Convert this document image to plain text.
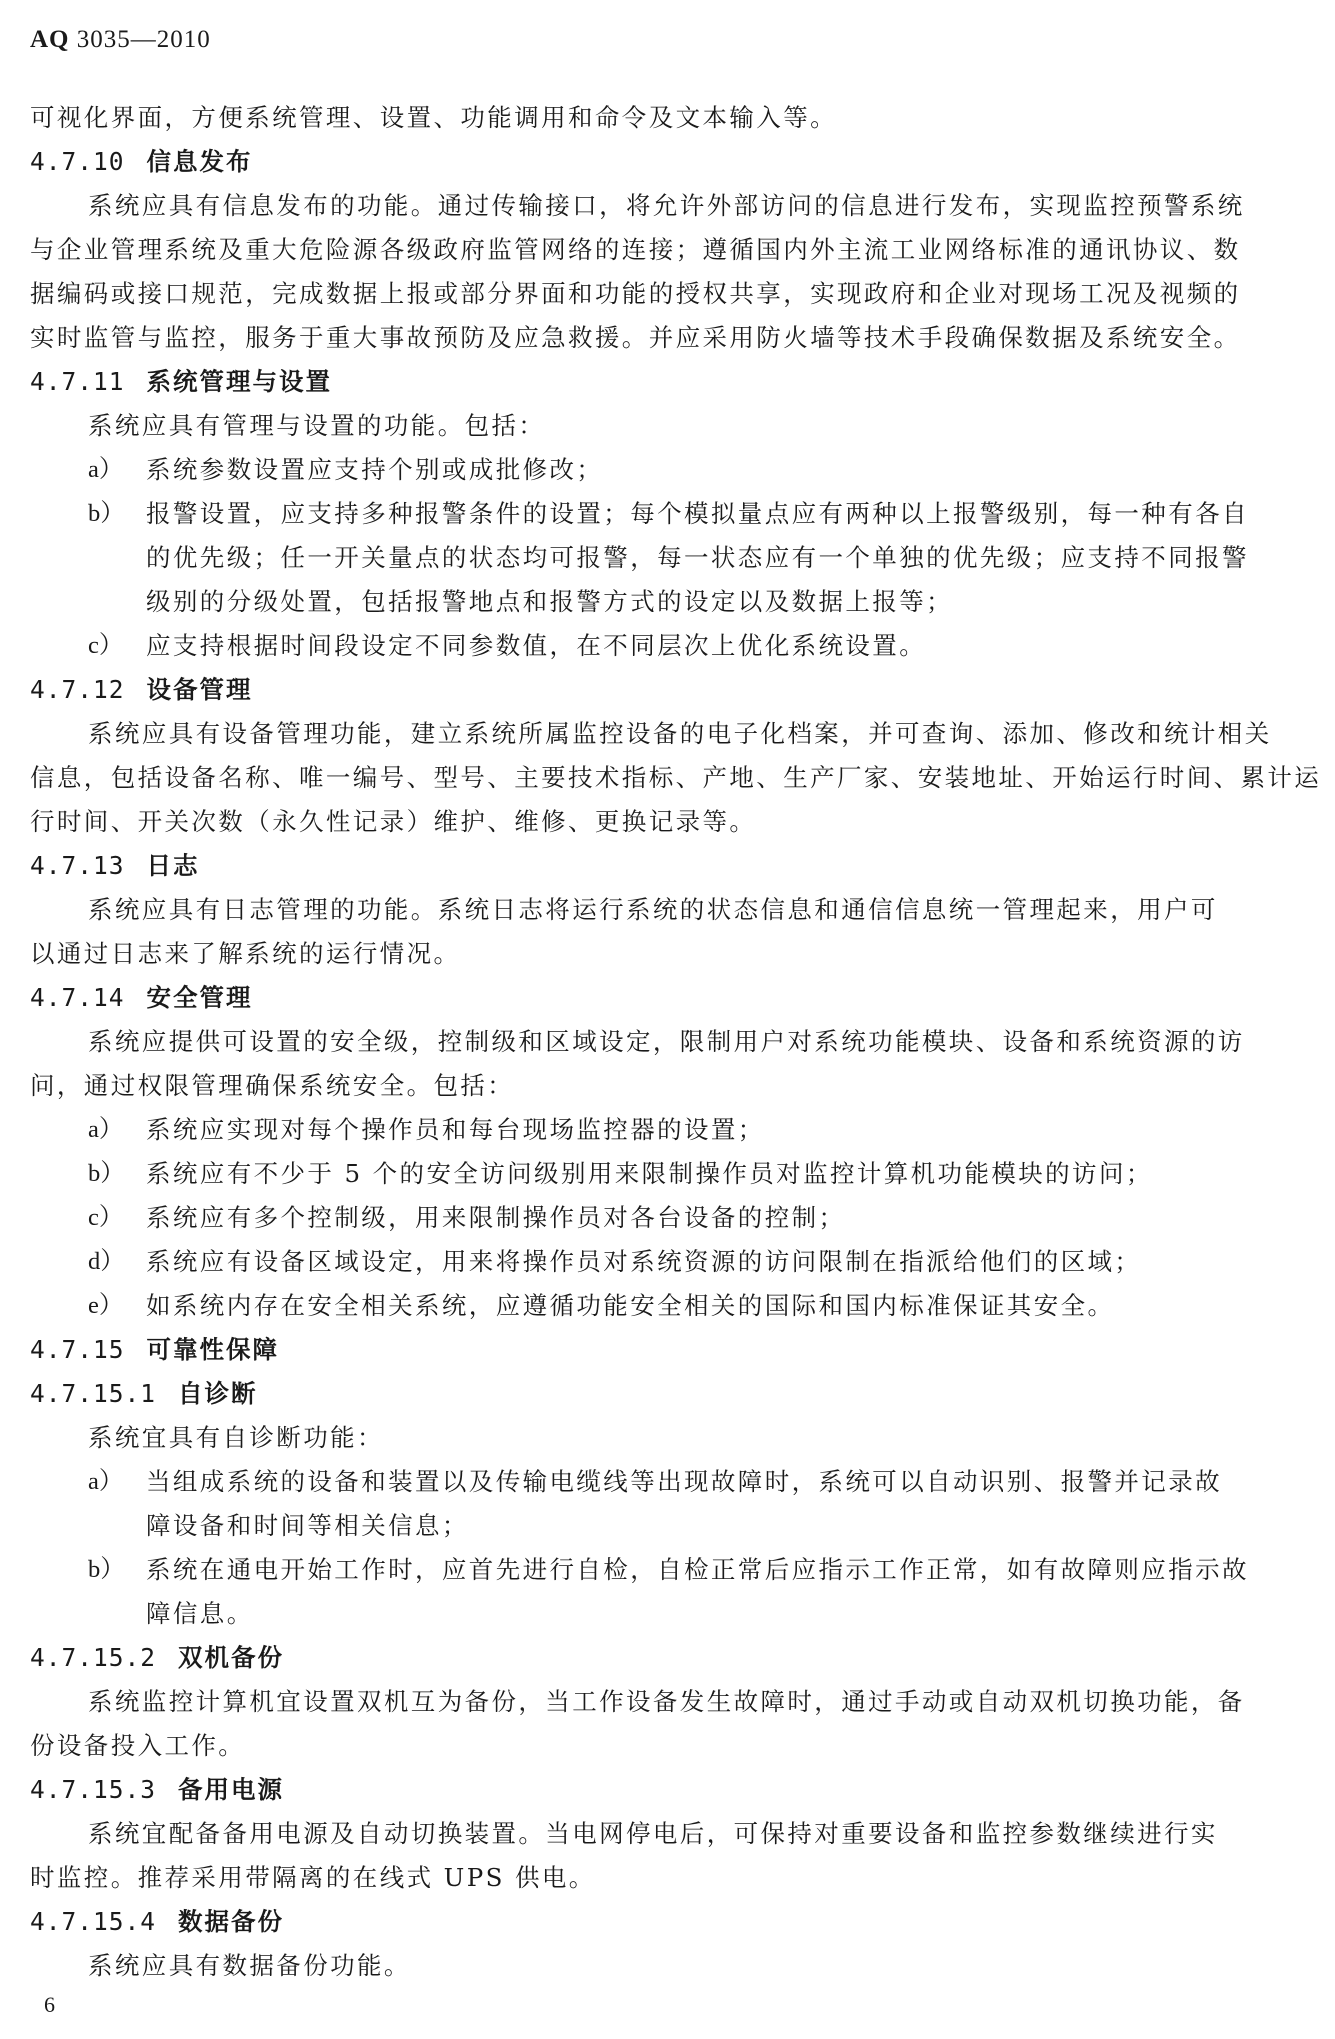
AQ 3035—2010
可视化界面，方便系统管理、设置、功能调用和命令及文本输入等。
4.7.10 信息发布
系统应具有信息发布的功能。通过传输接口，将允许外部访问的信息进行发布，实现监控预警系统
与企业管理系统及重大危险源各级政府监管网络的连接；遵循国内外主流工业网络标准的通讯协议、数
据编码或接口规范，完成数据上报或部分界面和功能的授权共享，实现政府和企业对现场工况及视频的
实时监管与监控，服务于重大事故预防及应急救援。并应采用防火墙等技术手段确保数据及系统安全。
4.7.11 系统管理与设置
系统应具有管理与设置的功能。包括：
a） 系统参数设置应支持个别或成批修改；
b） 报警设置，应支持多种报警条件的设置；每个模拟量点应有两种以上报警级别，每一种有各自
的优先级；任一开关量点的状态均可报警，每一状态应有一个单独的优先级；应支持不同报警
级别的分级处置，包括报警地点和报警方式的设定以及数据上报等；
c） 应支持根据时间段设定不同参数值，在不同层次上优化系统设置。
4.7.12 设备管理
系统应具有设备管理功能，建立系统所属监控设备的电子化档案，并可查询、添加、修改和统计相关
信息，包括设备名称、唯一编号、型号、主要技术指标、产地、生产厂家、安装地址、开始运行时间、累计运
行时间、开关次数（永久性记录）维护、维修、更换记录等。
4.7.13 日志
系统应具有日志管理的功能。系统日志将运行系统的状态信息和通信信息统一管理起来，用户可
以通过日志来了解系统的运行情况。
4.7.14 安全管理
系统应提供可设置的安全级，控制级和区域设定，限制用户对系统功能模块、设备和系统资源的访
问，通过权限管理确保系统安全。包括：
a） 系统应实现对每个操作员和每台现场监控器的设置；
b） 系统应有不少于 5 个的安全访问级别用来限制操作员对监控计算机功能模块的访问；
c） 系统应有多个控制级，用来限制操作员对各台设备的控制；
d） 系统应有设备区域设定，用来将操作员对系统资源的访问限制在指派给他们的区域；
e） 如系统内存在安全相关系统，应遵循功能安全相关的国际和国内标准保证其安全。
4.7.15 可靠性保障
4.7.15.1 自诊断
系统宜具有自诊断功能：
a） 当组成系统的设备和装置以及传输电缆线等出现故障时，系统可以自动识别、报警并记录故
障设备和时间等相关信息；
b） 系统在通电开始工作时，应首先进行自检，自检正常后应指示工作正常，如有故障则应指示故
障信息。
4.7.15.2 双机备份
系统监控计算机宜设置双机互为备份，当工作设备发生故障时，通过手动或自动双机切换功能，备
份设备投入工作。
4.7.15.3 备用电源
系统宜配备备用电源及自动切换装置。当电网停电后，可保持对重要设备和监控参数继续进行实
时监控。推荐采用带隔离的在线式 UPS 供电。
4.7.15.4 数据备份
系统应具有数据备份功能。
6
